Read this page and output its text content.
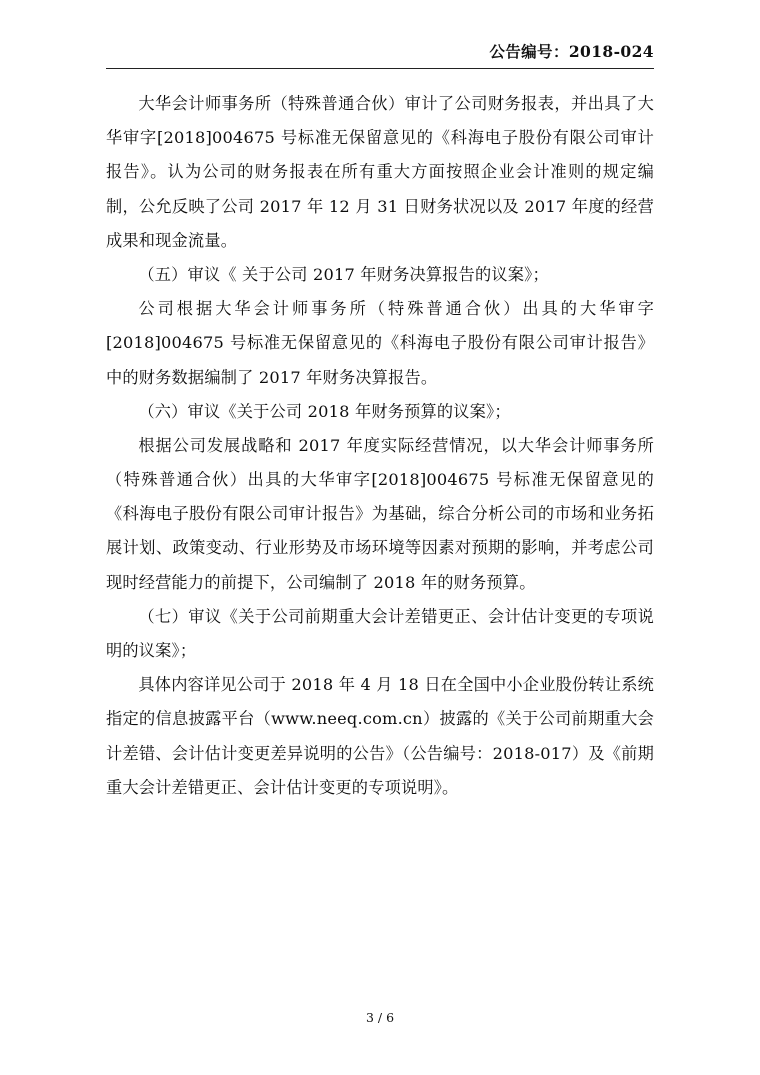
公告编号：2018-024

大华会计师事务所（特殊普通合伙）审计了公司财务报表，并出具了大华审字[2018]004675 号标准无保留意见的《科海电子股份有限公司审计报告》。认为公司的财务报表在所有重大方面按照企业会计准则的规定编制，公允反映了公司 2017 年 12 月 31 日财务状况以及 2017 年度的经营成果和现金流量。

（五）审议《 关于公司 2017 年财务决算报告的议案》；

公司根据大华会计师事务所（特殊普通合伙）出具的大华审字[2018]004675 号标准无保留意见的《科海电子股份有限公司审计报告》中的财务数据编制了 2017 年财务决算报告。

（六）审议《关于公司 2018 年财务预算的议案》；

根据公司发展战略和 2017 年度实际经营情况，以大华会计师事务所（特殊普通合伙）出具的大华审字[2018]004675 号标准无保留意见的《科海电子股份有限公司审计报告》为基础，综合分析公司的市场和业务拓展计划、政策变动、行业形势及市场环境等因素对预期的影响，并考虑公司现时经营能力的前提下，公司编制了 2018 年的财务预算。

（七）审议《关于公司前期重大会计差错更正、会计估计变更的专项说明的议案》；

具体内容详见公司于 2018 年 4 月 18 日在全国中小企业股份转让系统指定的信息披露平台（www.neeq.com.cn）披露的《关于公司前期重大会计差错、会计估计变更差异说明的公告》（公告编号：2018-017）及《前期重大会计差错更正、会计估计变更的专项说明》。

3 / 6
